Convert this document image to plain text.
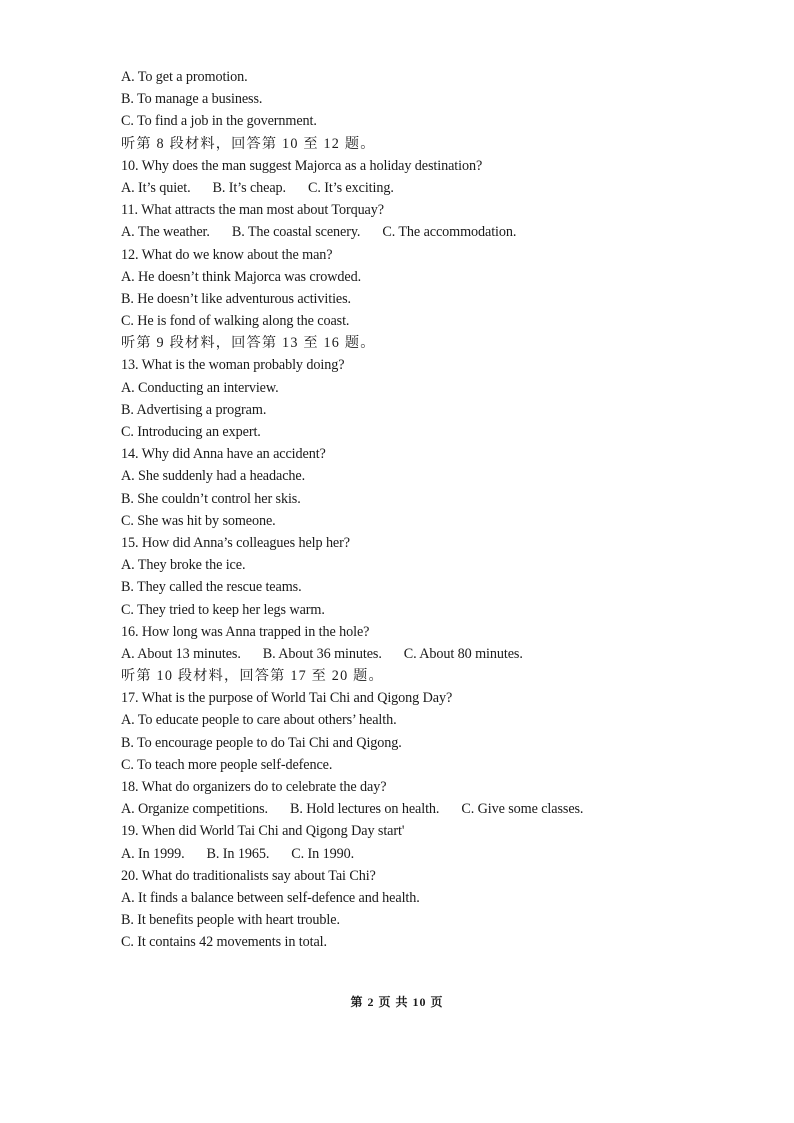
A. To get a promotion.
B. To manage a business.
C. To find a job in the government.
听第 8 段材料，回答第 10 至 12 题。
10. Why does the man suggest Majorca as a holiday destination?
A. It’s quiet. B. It’s cheap. C. It’s exciting.
11. What attracts the man most about Torquay?
A. The weather. B. The coastal scenery. C. The accommodation.
12. What do we know about the man?
A. He doesn’t think Majorca was crowded.
B. He doesn’t like adventurous activities.
C. He is fond of walking along the coast.
听第 9 段材料，回答第 13 至 16 题。
13. What is the woman probably doing?
A. Conducting an interview.
B. Advertising a program.
C. Introducing an expert.
14. Why did Anna have an accident?
A. She suddenly had a headache.
B. She couldn’t control her skis.
C. She was hit by someone.
15. How did Anna’s colleagues help her?
A. They broke the ice.
B. They called the rescue teams.
C. They tried to keep her legs warm.
16. How long was Anna trapped in the hole?
A. About 13 minutes. B. About 36 minutes. C. About 80 minutes.
听第 10 段材料，回答第 17 至 20 题。
17. What is the purpose of World Tai Chi and Qigong Day?
A. To educate people to care about others’ health.
B. To encourage people to do Tai Chi and Qigong.
C. To teach more people self-defence.
18. What do organizers do to celebrate the day?
A. Organize competitions. B. Hold lectures on health. C. Give some classes.
19. When did World Tai Chi and Qigong Day start'
A. In 1999. B. In 1965. C. In 1990.
20. What do traditionalists say about Tai Chi?
A. It finds a balance between self-defence and health.
B. It benefits people with heart trouble.
C. It contains 42 movements in total.
第 2 页 共 10 页
